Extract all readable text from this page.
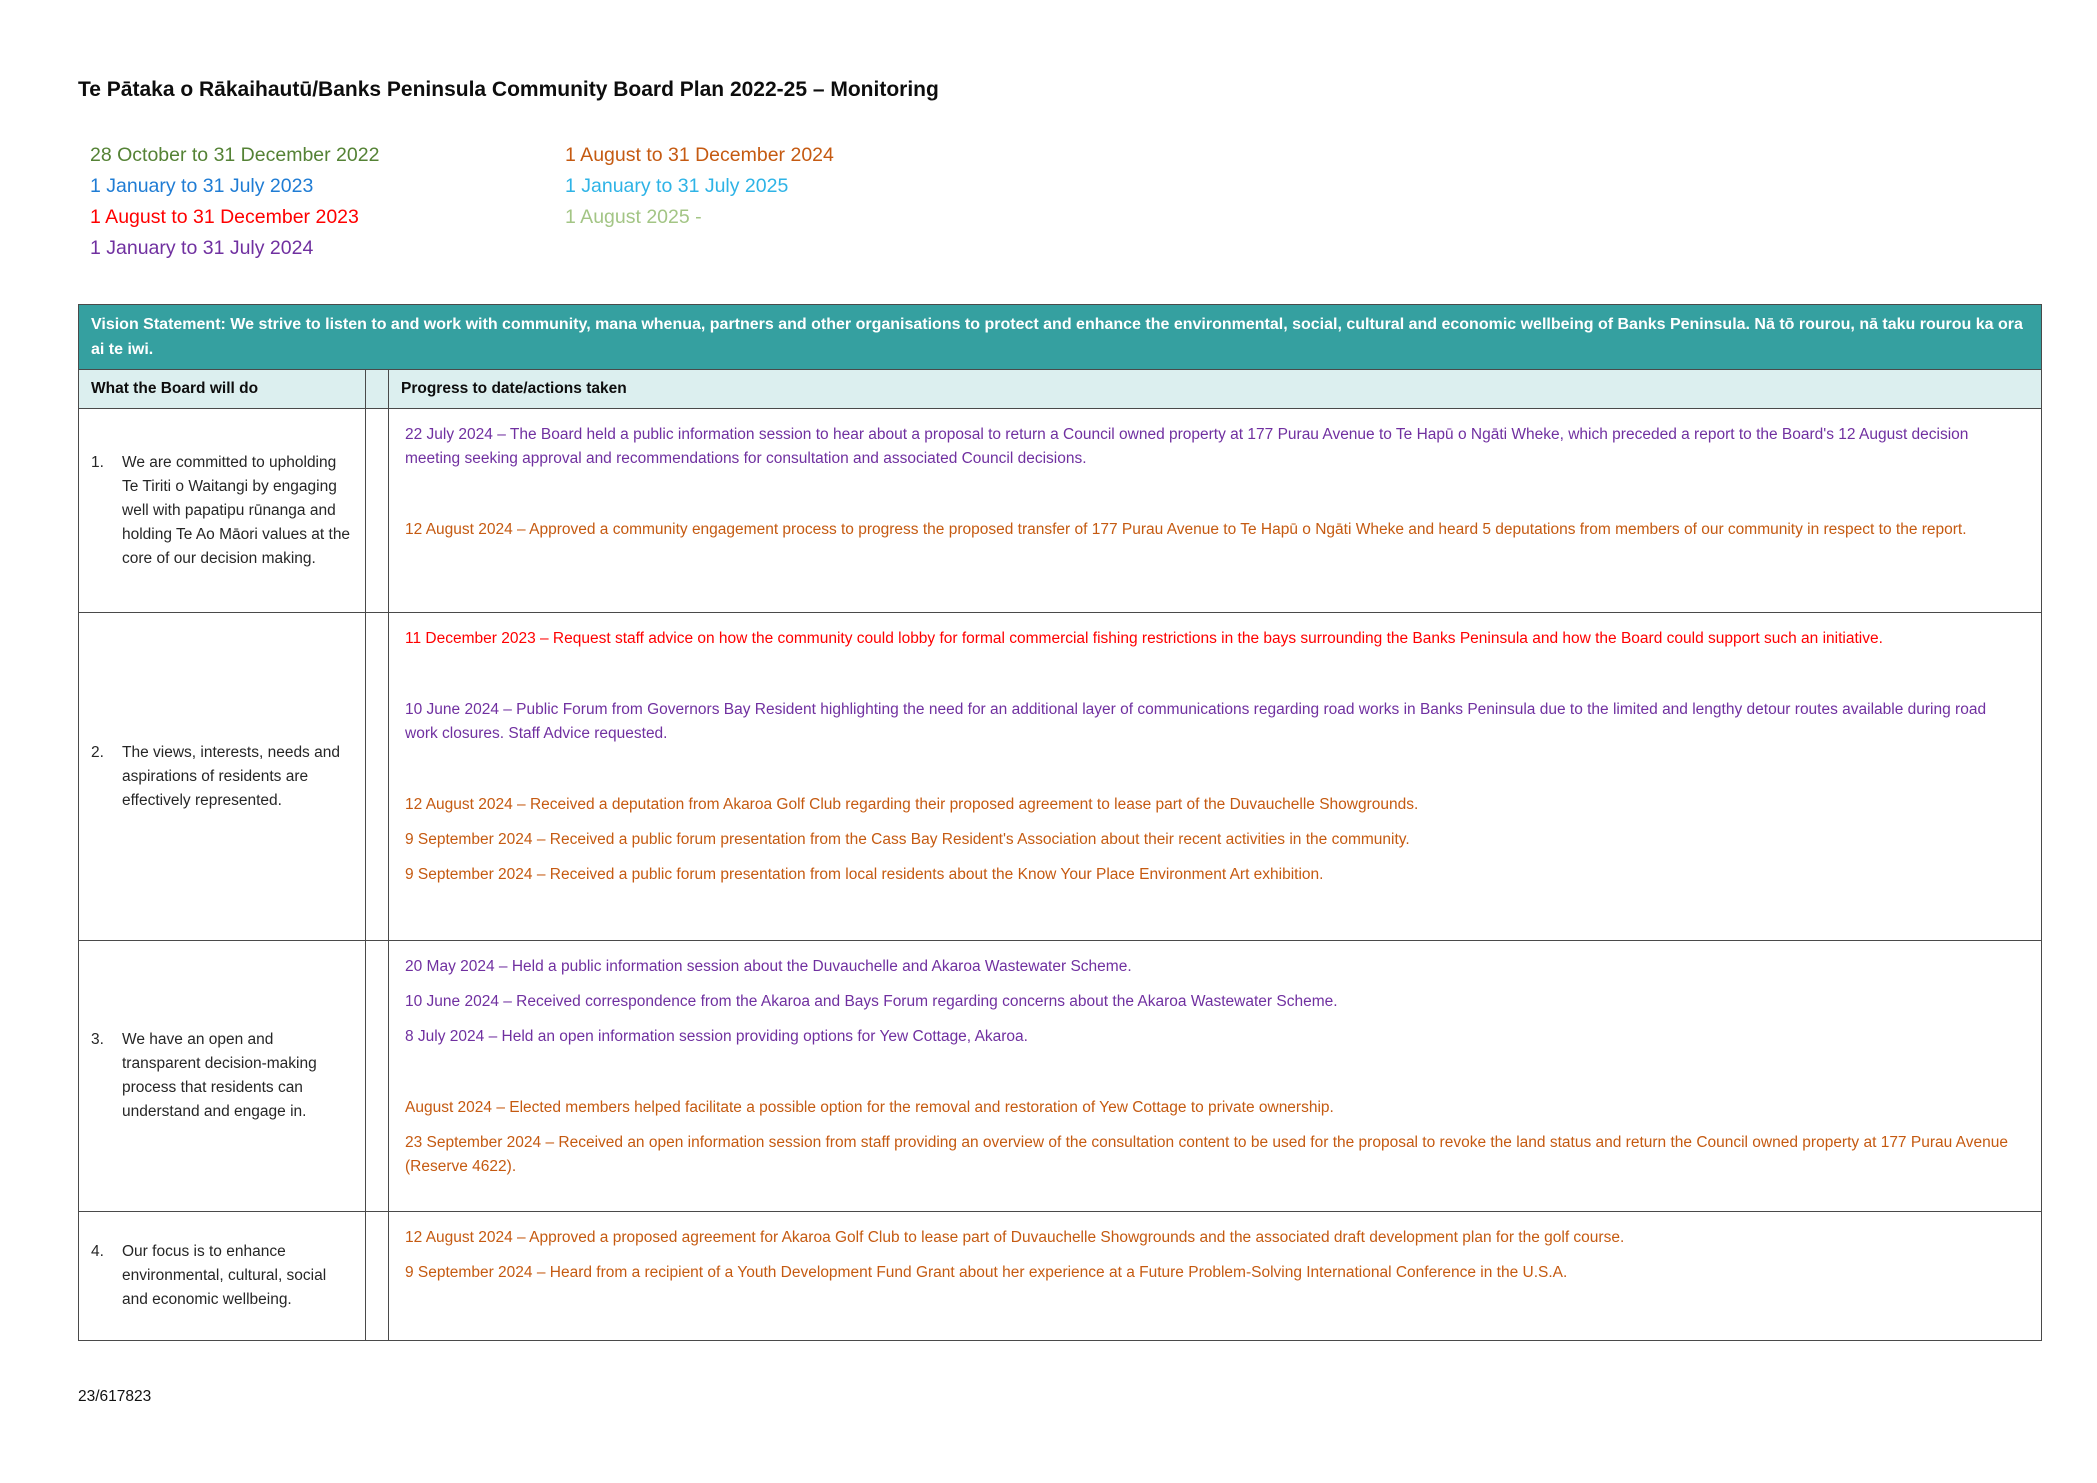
Te Pātaka o Rākaihautū/Banks Peninsula Community Board Plan 2022-25 – Monitoring
28 October to 31 December 2022
1 January to 31 July 2023
1 August to 31 December 2023
1 January to 31 July 2024
1 August to 31 December 2024
1 January to 31 July 2025
1 August 2025 -
Vision Statement: We strive to listen to and work with community, mana whenua, partners and other organisations to protect and enhance the environmental, social, cultural and economic wellbeing of Banks Peninsula. Nā tō rourou, nā taku rourou ka ora ai te iwi.		
What the Board will do		Progress to date/actions taken

1.	We are committed to upholding Te Tiriti o Waitangi by engaging well with papatipu rūnanga and holding Te Ao Māori values at the core of our decision making.

22 July 2024 – The Board held a public information session to hear about a proposal to return a Council owned property at 177 Purau Avenue to Te Hapū o Ngāti Wheke, which preceded a report to the Board's 12 August decision meeting seeking approval and recommendations for consultation and associated Council decisions.

12 August 2024 – Approved a community engagement process to progress the proposed transfer of 177 Purau Avenue to Te Hapū o Ngāti Wheke and heard 5 deputations from members of our community in respect to the report.

2.	The views, interests, needs and aspirations of residents are effectively represented.

11 December 2023 – Request staff advice on how the community could lobby for formal commercial fishing restrictions in the bays surrounding the Banks Peninsula and how the Board could support such an initiative.

10 June 2024 – Public Forum from Governors Bay Resident highlighting the need for an additional layer of communications regarding road works in Banks Peninsula due to the limited and lengthy detour routes available during road work closures. Staff Advice requested.

12 August 2024 – Received a deputation from Akaroa Golf Club regarding their proposed agreement to lease part of the Duvauchelle Showgrounds.

9 September 2024 – Received a public forum presentation from the Cass Bay Resident's Association about their recent activities in the community.

9 September 2024 – Received a public forum presentation from local residents about the Know Your Place Environment Art exhibition.

3.	We have an open and transparent decision-making process that residents can understand and engage in.

20 May 2024 – Held a public information session about the Duvauchelle and Akaroa Wastewater Scheme.

10 June 2024 – Received correspondence from the Akaroa and Bays Forum regarding concerns about the Akaroa Wastewater Scheme.

8 July 2024 – Held an open information session providing options for Yew Cottage, Akaroa.

August 2024 – Elected members helped facilitate a possible option for the removal and restoration of Yew Cottage to private ownership.

23 September 2024 – Received an open information session from staff providing an overview of the consultation content to be used for the proposal to revoke the land status and return the Council owned property at 177 Purau Avenue (Reserve 4622).

4.	Our focus is to enhance environmental, cultural, social and economic wellbeing.

12 August 2024 – Approved a proposed agreement for Akaroa Golf Club to lease part of Duvauchelle Showgrounds and the associated draft development plan for the golf course.

9 September 2024 – Heard from a recipient of a Youth Development Fund Grant about her experience at a Future Problem-Solving International Conference in the U.S.A.

23/617823
